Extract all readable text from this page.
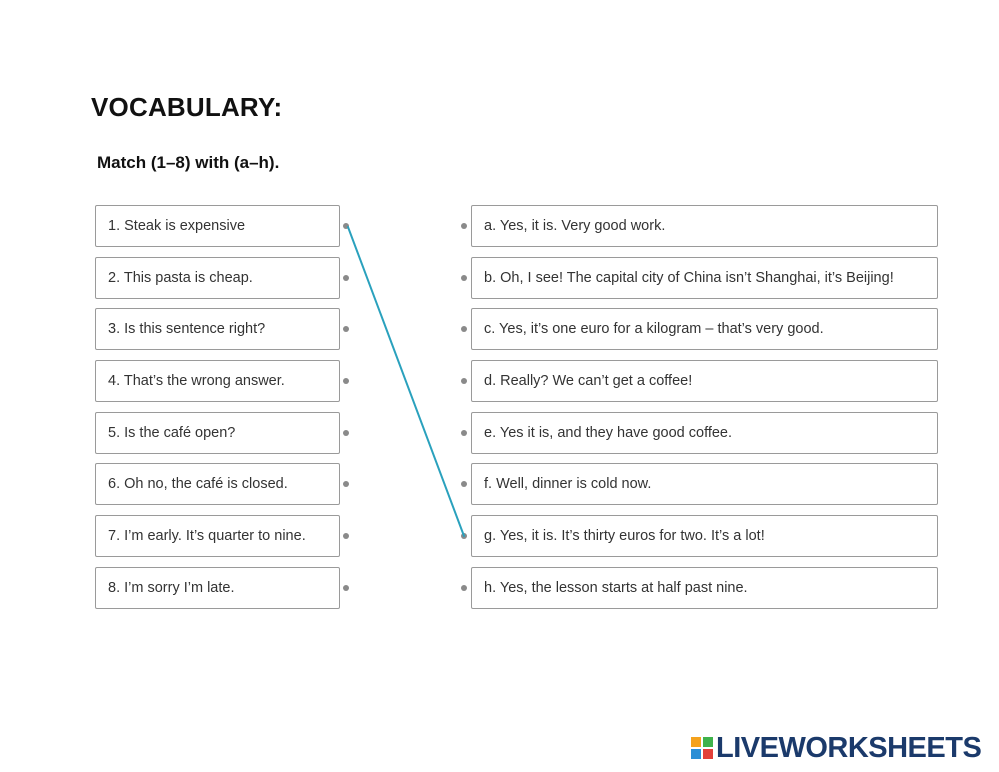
VOCABULARY:
Match (1–8) with (a–h).
1. Steak is expensive
2. This pasta is cheap.
3. Is this sentence right?
4. That’s the wrong answer.
5. Is the café open?
6. Oh no, the café is closed.
7. I’m early. It’s quarter to nine.
8. I’m sorry I’m late.
a. Yes, it is. Very good work.
b. Oh, I see! The capital city of China isn’t Shanghai, it’s Beijing!
c. Yes, it’s one euro for a kilogram – that’s very good.
d. Really? We can’t get a coffee!
e. Yes it is, and they have good coffee.
f. Well, dinner is cold now.
g. Yes, it is. It’s thirty euros for two. It’s a lot!
h. Yes, the lesson starts at half past nine.
LIVEWORKSHEETS
